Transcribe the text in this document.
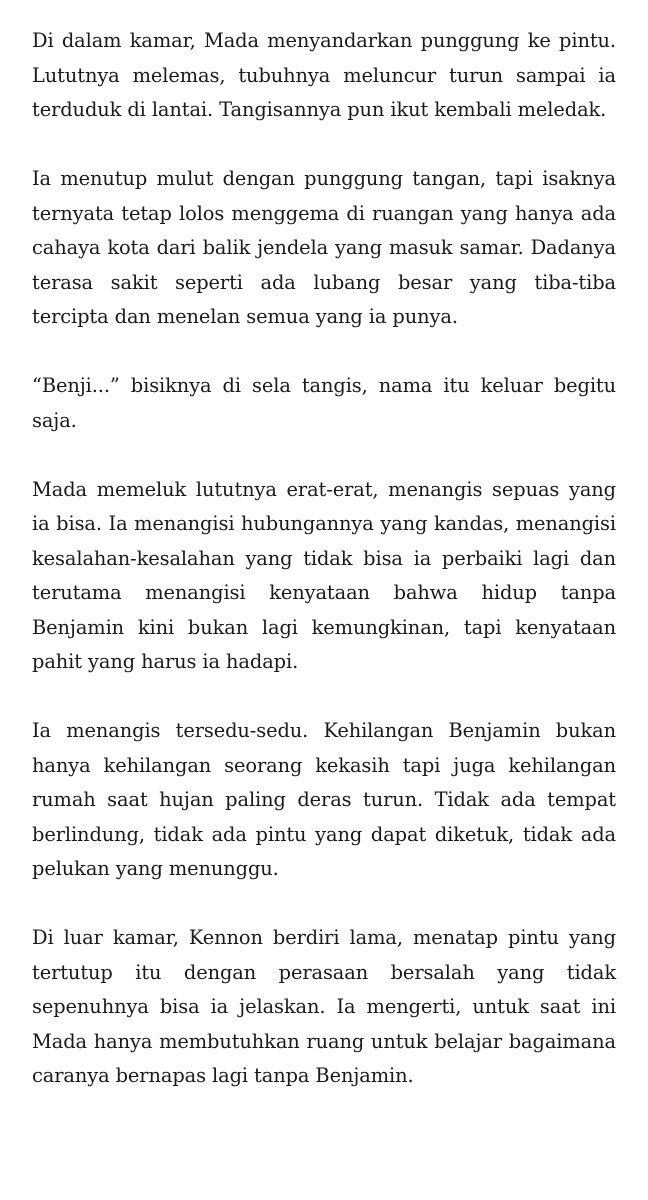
Di dalam kamar, Mada menyandarkan punggung ke pintu. Lututnya melemas, tubuhnya meluncur turun sampai ia terduduk di lantai. Tangisannya pun ikut kembali meledak.

Ia menutup mulut dengan punggung tangan, tapi isaknya ternyata tetap lolos menggema di ruangan yang hanya ada cahaya kota dari balik jendela yang masuk samar. Dadanya terasa sakit seperti ada lubang besar yang tiba-tiba tercipta dan menelan semua yang ia punya.

“Benji...” bisiknya di sela tangis, nama itu keluar begitu saja.

Mada memeluk lututnya erat-erat, menangis sepuas yang ia bisa. Ia menangisi hubungannya yang kandas, menangisi kesalahan-kesalahan yang tidak bisa ia perbaiki lagi dan terutama menangisi kenyataan bahwa hidup tanpa Benjamin kini bukan lagi kemungkinan, tapi kenyataan pahit yang harus ia hadapi.

Ia menangis tersedu-sedu. Kehilangan Benjamin bukan hanya kehilangan seorang kekasih tapi juga kehilangan rumah saat hujan paling deras turun. Tidak ada tempat berlindung, tidak ada pintu yang dapat diketuk, tidak ada pelukan yang menunggu.

Di luar kamar, Kennon berdiri lama, menatap pintu yang tertutup itu dengan perasaan bersalah yang tidak sepenuhnya bisa ia jelaskan. Ia mengerti, untuk saat ini Mada hanya membutuhkan ruang untuk belajar bagaimana caranya bernapas lagi tanpa Benjamin.
